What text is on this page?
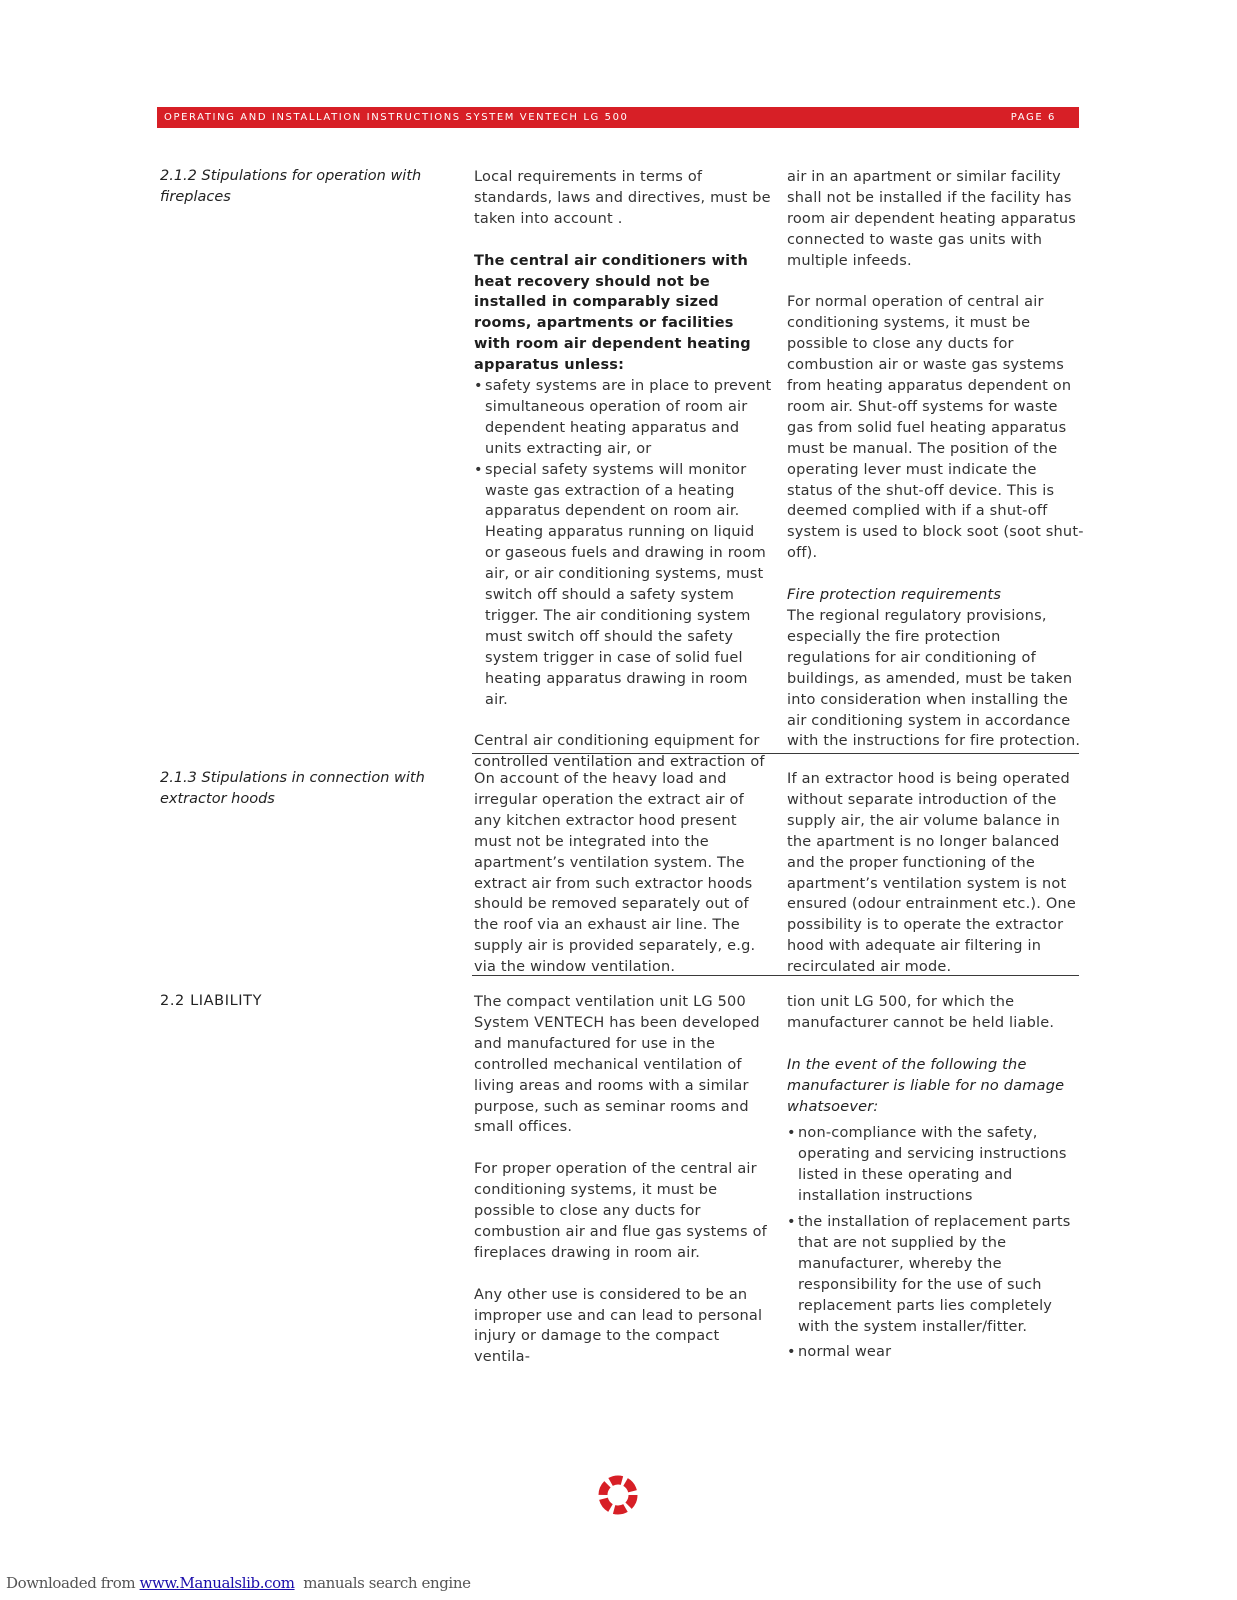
OPERATING AND INSTALLATION INSTRUCTIONS SYSTEM VENTECH LG 500	PAGE 6
2.1.2 Stipulations for operation with fireplaces

Local requirements in terms of standards, laws and directives, must be taken into account .

The central air conditioners with heat recovery should not be installed in comparably sized rooms, apartments or facilities with room air dependent heating apparatus unless:

• safety systems are in place to prevent simultaneous operation of room air dependent heating apparatus and units extracting air, or
• special safety systems will monitor waste gas extraction of a heating apparatus dependent on room air. Heating apparatus running on liquid or gaseous fuels and drawing in room air, or air conditioning systems, must switch off should a safety system trigger. The air conditioning system must switch off should the safety system trigger in case of solid fuel heating apparatus drawing in room air.

Central air conditioning equipment for controlled ventilation and extraction of

air in an apartment or similar facility shall not be installed if the facility has room air dependent heating apparatus connected to waste gas units with multiple infeeds.

For normal operation of central air conditioning systems, it must be possible to close any ducts for combustion air or waste gas systems from heating apparatus dependent on room air. Shut-off systems for waste gas from solid fuel heating apparatus must be manual. The position of the operating lever must indicate the status of the shut-off device. This is deemed complied with if a shut-off system is used to block soot (soot shut-off).

Fire protection requirements

The regional regulatory provisions, especially the fire protection regulations for air conditioning of buildings, as amended, must be taken into consideration when installing the air conditioning system in accordance with the instructions for fire protection.

2.1.3 Stipulations in connection with extractor hoods

On account of the heavy load and irregular operation the extract air of any kitchen extractor hood present must not be integrated into the apartment’s ventilation system. The extract air from such extractor hoods should be removed separately out of the roof via an exhaust air line. The supply air is provided separately, e.g. via the window ventilation.

If an extractor hood is being operated without separate introduction of the supply air, the air volume balance in the apartment is no longer balanced and the proper functioning of the apartment’s ventilation system is not ensured (odour entrainment etc.). One possibility is to operate the extractor hood with adequate air filtering in recirculated air mode.

2.2 LIABILITY	The compact ventilation unit LG 500 System VENTECH has been developed and manufactured for use in the controlled mechanical ventilation of living areas and rooms with a similar purpose, such as seminar rooms and small offices.

For proper operation of the central air conditioning systems, it must be possible to close any ducts for combustion air and flue gas systems of fireplaces drawing in room air.

Any other use is considered to be an improper use and can lead to personal injury or damage to the compact ventila-

tion unit LG 500, for which the manufacturer cannot be held liable.

In the event of the following the manufacturer is liable for no damage whatsoever:

• non-compliance with the safety, operating and servicing instructions listed in these operating and installation instructions
• the installation of replacement parts that are not supplied by the manufacturer, whereby the responsibility for the use of such replacement parts lies completely with the system installer/fitter.
• normal wear
Downloaded from www.Manualslib.com  manuals search engine
